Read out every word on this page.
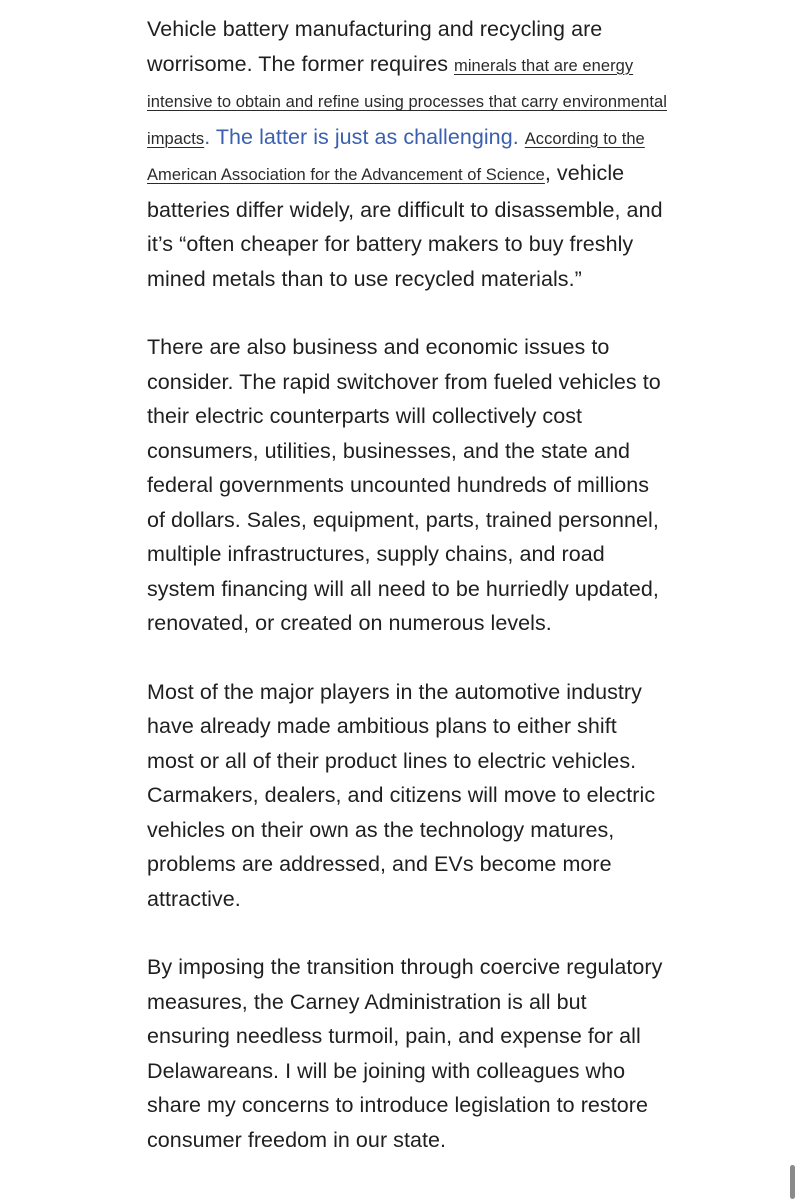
Vehicle battery manufacturing and recycling are worrisome. The former requires minerals that are energy intensive to obtain and refine using processes that carry environmental impacts. The latter is just as challenging. According to the American Association for the Advancement of Science, vehicle batteries differ widely, are difficult to disassemble, and it’s “often cheaper for battery makers to buy freshly mined metals than to use recycled materials.”

There are also business and economic issues to consider. The rapid switchover from fueled vehicles to their electric counterparts will collectively cost consumers, utilities, businesses, and the state and federal governments uncounted hundreds of millions of dollars. Sales, equipment, parts, trained personnel, multiple infrastructures, supply chains, and road system financing will all need to be hurriedly updated, renovated, or created on numerous levels.

Most of the major players in the automotive industry have already made ambitious plans to either shift most or all of their product lines to electric vehicles. Carmakers, dealers, and citizens will move to electric vehicles on their own as the technology matures, problems are addressed, and EVs become more attractive.

By imposing the transition through coercive regulatory measures, the Carney Administration is all but ensuring needless turmoil, pain, and expense for all Delawareans. I will be joining with colleagues who share my concerns to introduce legislation to restore consumer freedom in our state.
